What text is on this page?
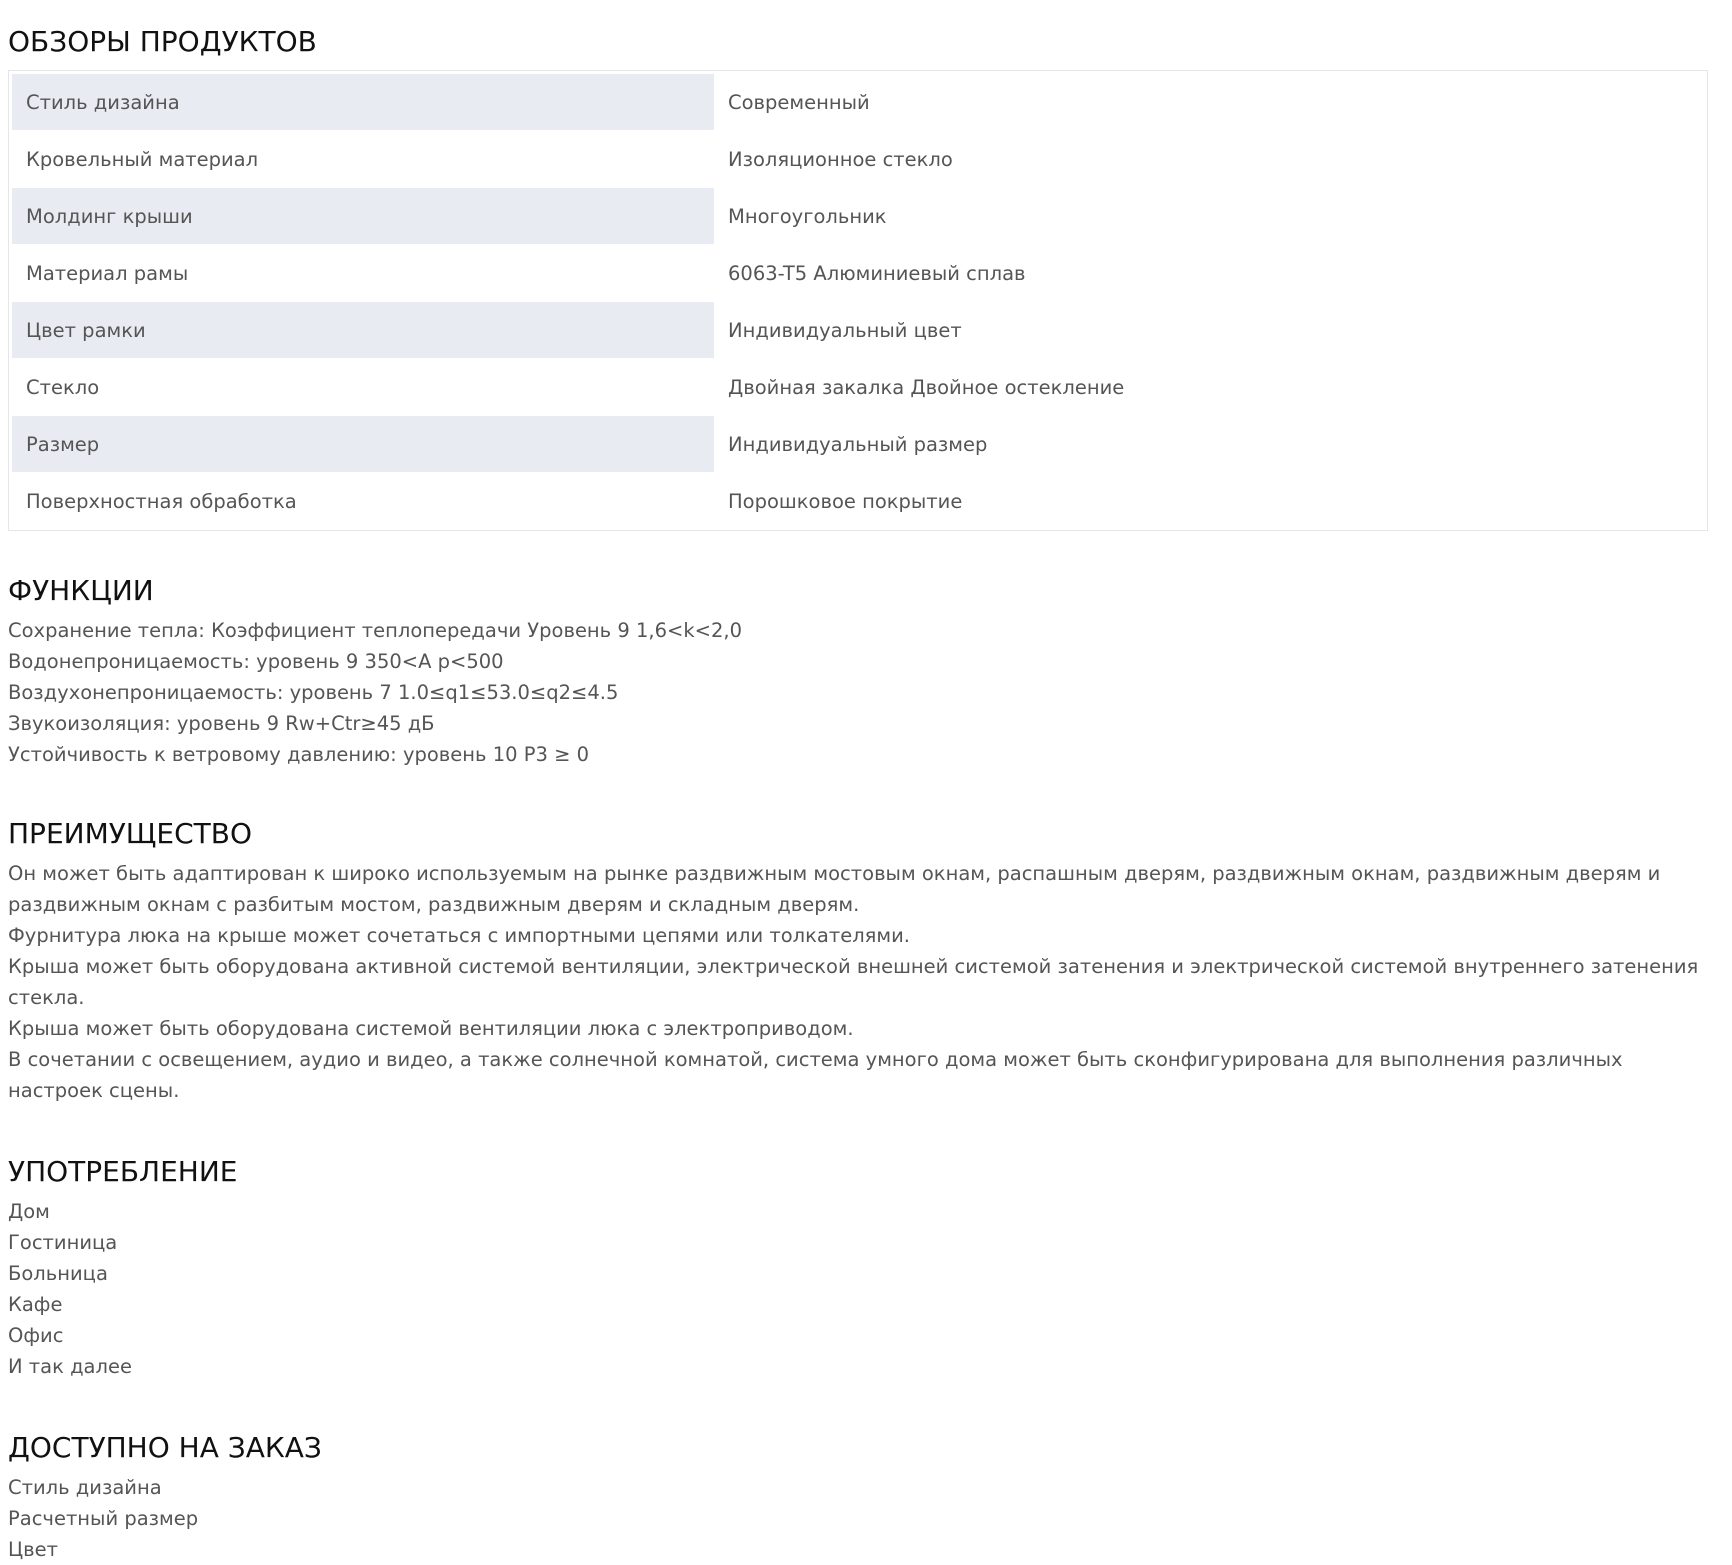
ОБЗОРЫ ПРОДУКТОВ
Стиль дизайна	Современный
Кровельный материал	Изоляционное стекло
Молдинг крыши	Многоугольник
Материал рамы	6063-T5 Алюминиевый сплав
Цвет рамки	Индивидуальный цвет
Стекло	Двойная закалка Двойное остекление
Размер	Индивидуальный размер
Поверхностная обработка	Порошковое покрытие
ФУНКЦИИ
Сохранение тепла: Коэффициент теплопередачи Уровень 9 1,6<k<2,0
Водонепроницаемость: уровень 9 350<A p<500
Воздухонепроницаемость: уровень 7 1.0≤q1≤53.0≤q2≤4.5
Звукоизоляция: уровень 9 Rw+Ctr≥45 дБ
Устойчивость к ветровому давлению: уровень 10 P3 ≥ 0
ПРЕИМУЩЕСТВО
Он может быть адаптирован к широко используемым на рынке раздвижным мостовым окнам, распашным дверям, раздвижным окнам, раздвижным дверям и раздвижным окнам с разбитым мостом, раздвижным дверям и складным дверям.
Фурнитура люка на крыше может сочетаться с импортными цепями или толкателями.
Крыша может быть оборудована активной системой вентиляции, электрической внешней системой затенения и электрической системой внутреннего затенения стекла.
Крыша может быть оборудована системой вентиляции люка с электроприводом.
В сочетании с освещением, аудио и видео, а также солнечной комнатой, система умного дома может быть сконфигурирована для выполнения различных настроек сцены.
УПОТРЕБЛЕНИЕ
Дом
Гостиница
Больница
Кафе
Офис
И так далее
ДОСТУПНО НА ЗАКАЗ
Стиль дизайна
Расчетный размер
Цвет
